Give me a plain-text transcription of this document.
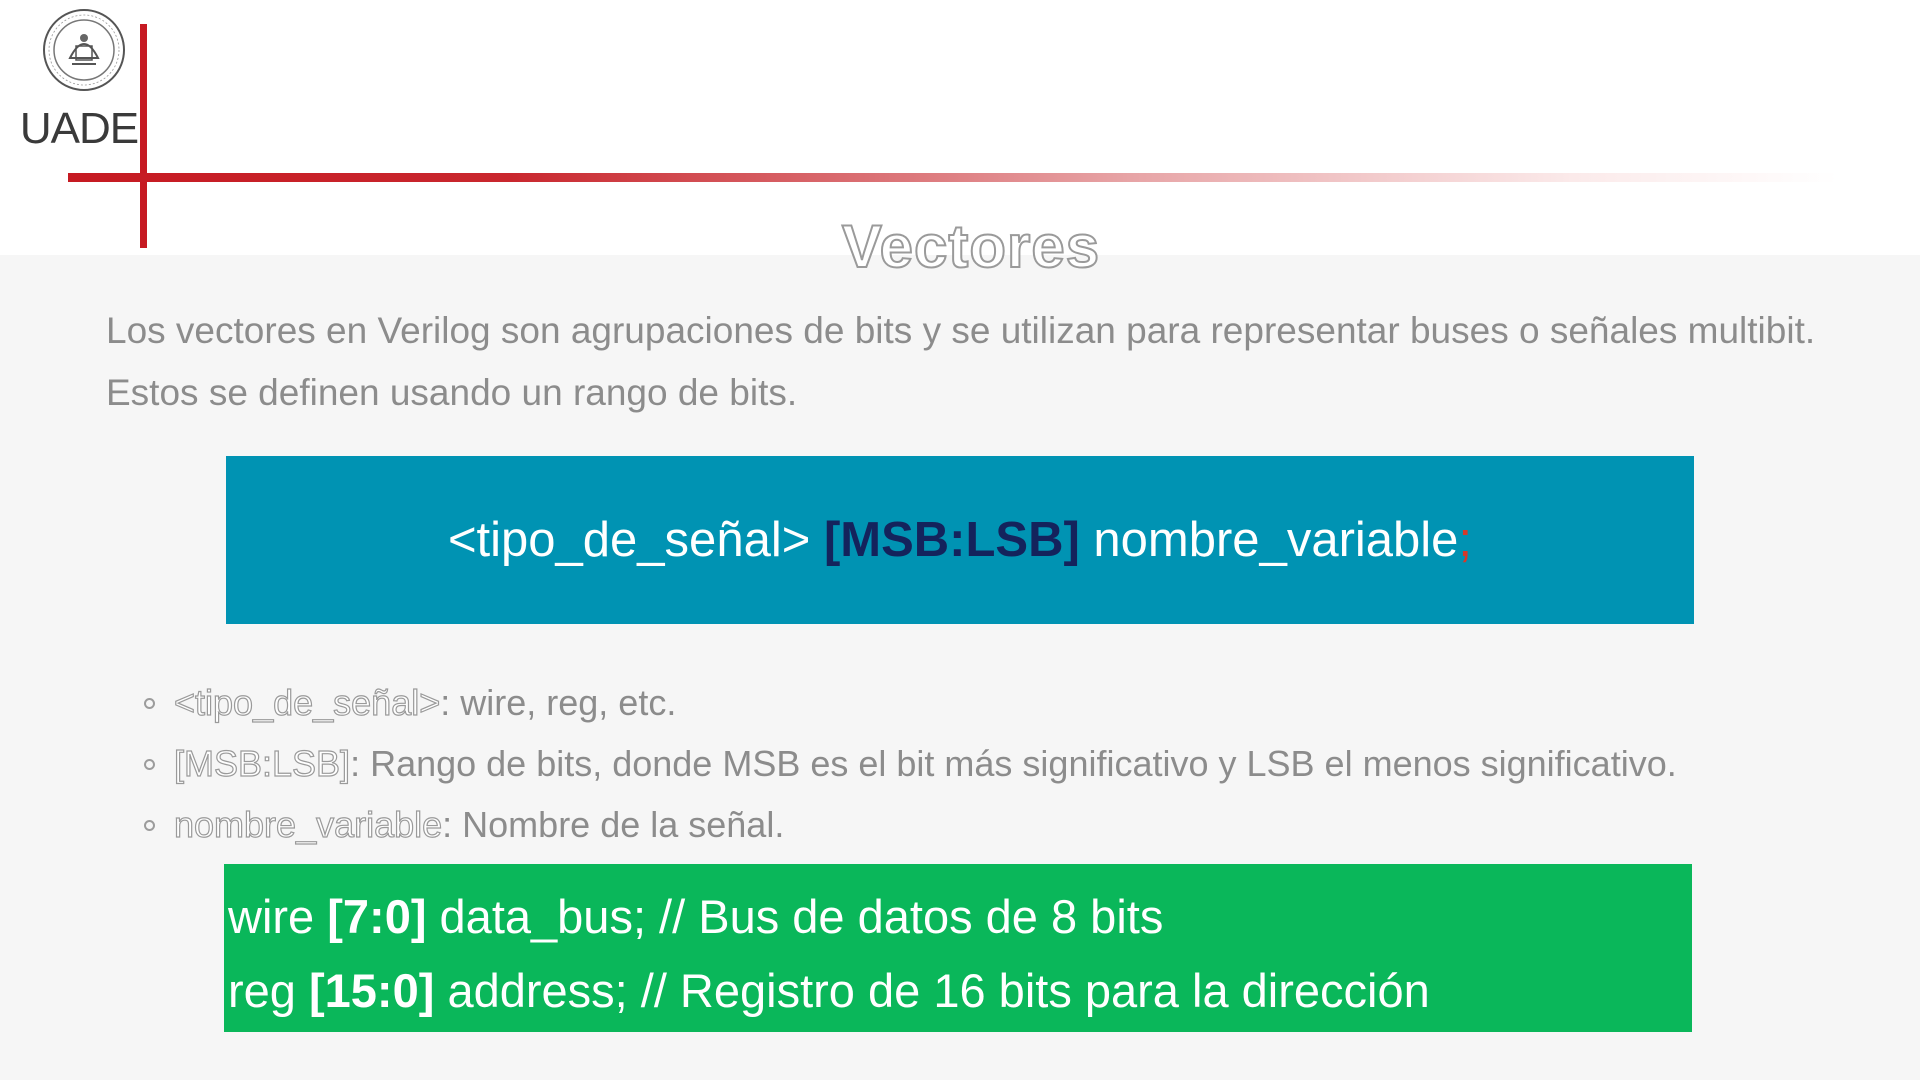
UADE
Vectores
Los vectores en Verilog son agrupaciones de bits y se utilizan para representar buses o señales multibit. Estos se definen usando un rango de bits.
<tipo_de_señal>
[MSB:LSB]
nombre_variable ;
<tipo_de_señal>: wire, reg, etc.
[MSB:LSB]: Rango de bits, donde MSB es el bit más significativo y LSB el menos significativo.
nombre_variable: Nombre de la señal.
wire [7:0] data_bus; // Bus de datos de 8 bits
reg [15:0] address; // Registro de 16 bits para la dirección
